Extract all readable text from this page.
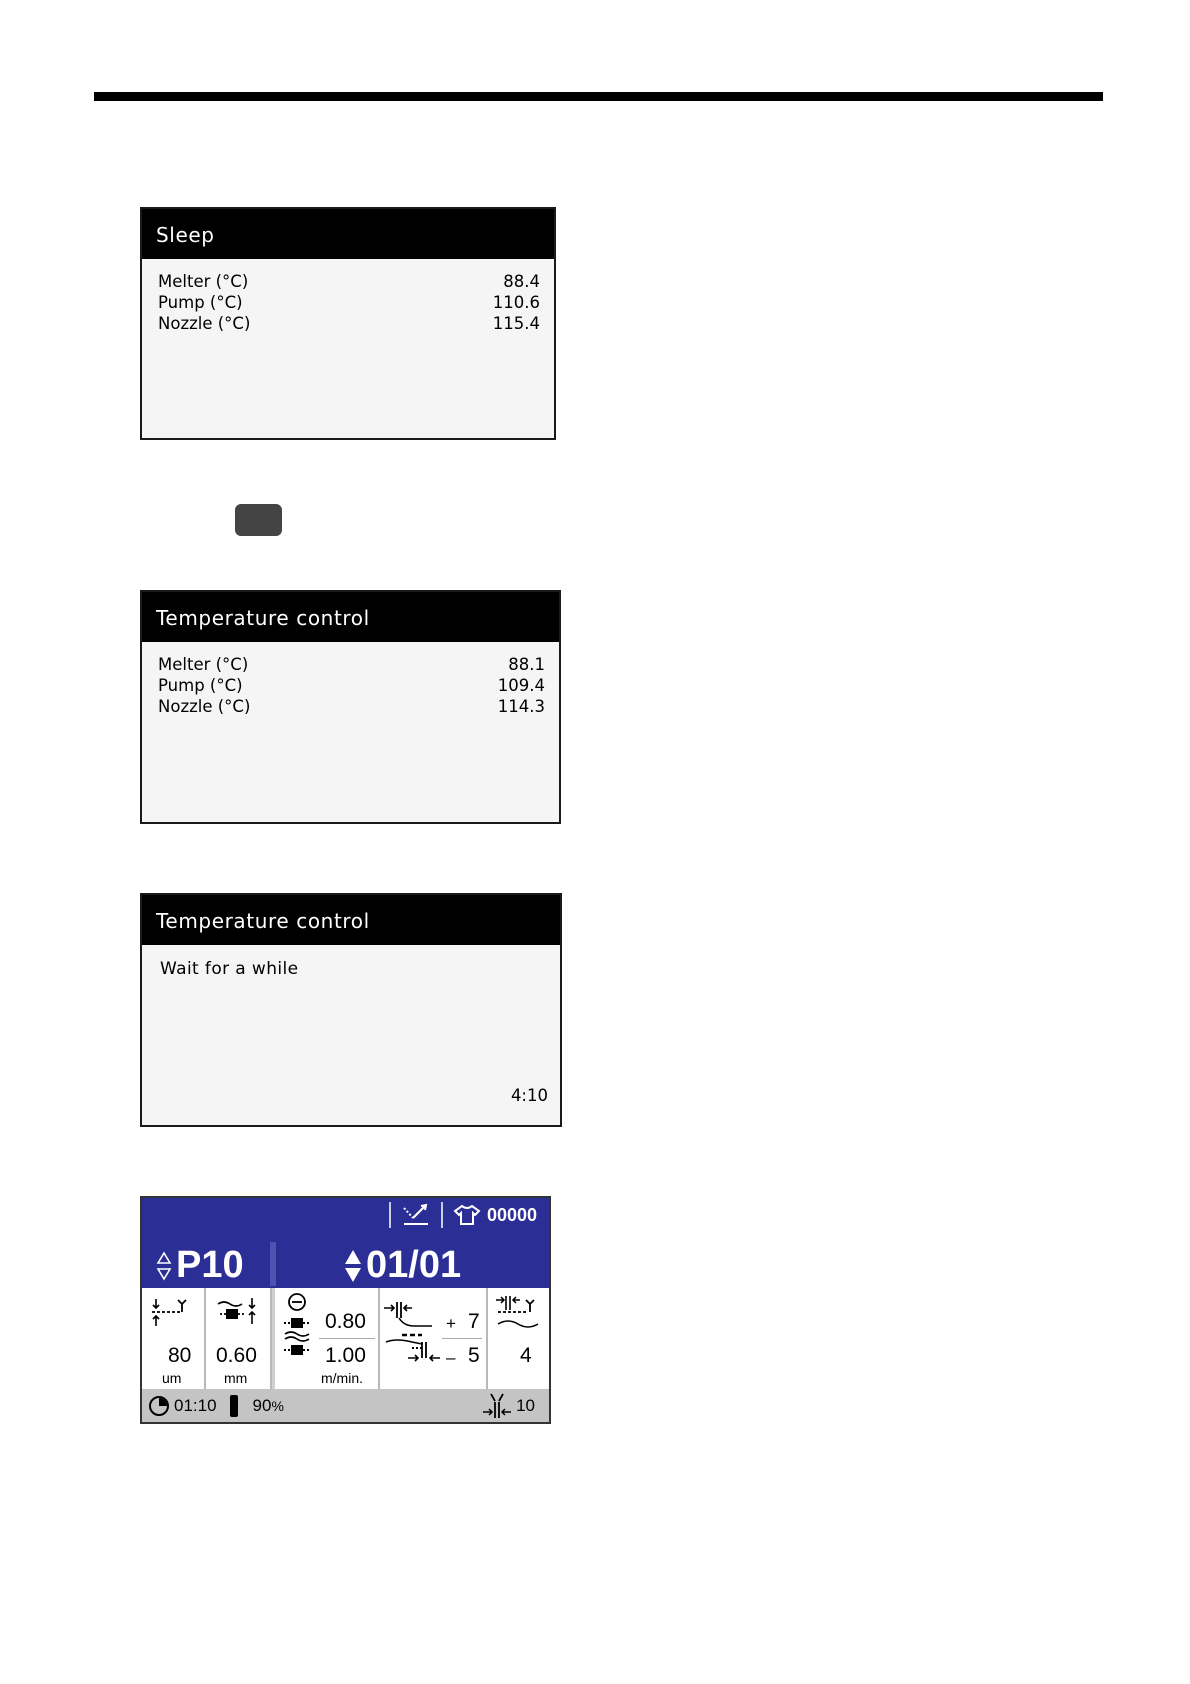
Sleep
Melter (°C)	88.4
Pump (°C)	110.6
Nozzle (°C)	115.4
Temperature control
Melter (°C)	88.1
Pump (°C)	109.4
Nozzle (°C)	114.3
Temperature control
Wait for a while
4:10
00000
P10	01/01
80
um
0.60
mm
0.80
1.00
m/min.
+ 7
– 5 4
01:10 90%	10
